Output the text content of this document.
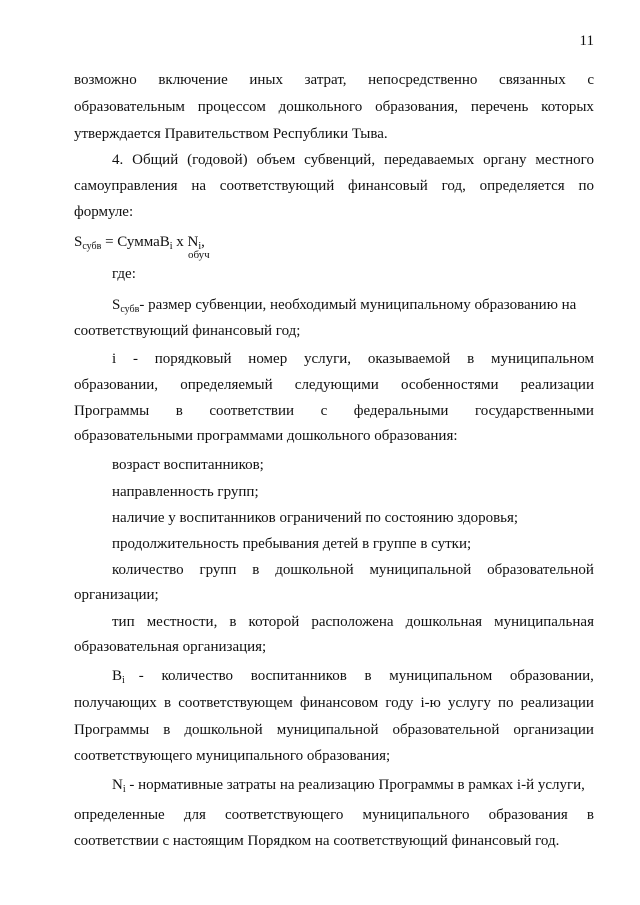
11
возможно включение иных затрат, непосредственно связанных с
образовательным процессом дошкольного образования, перечень которых
утверждается Правительством Республики Тыва.
4. Общий (годовой) объем субвенций, передаваемых органу местного
самоуправления на соответствующий финансовый год, определяется по
формуле:
$S_{субв}$ = СуммаB$_i$ x $N_i$,
обуч
где:
$S_{субв}-$ размер субвенции, необходимый муниципальному образованию на
соответствующий финансовый год;
i - порядковый номер услуги, оказываемой в муниципальном
образовании, определяемый следующими особенностями реализации
Программы в соответствии с федеральными государственными
образовательными программами дошкольного образования:
возраст воспитанников;
направленность групп;
наличие у воспитанников ограничений по состоянию здоровья;
продолжительность пребывания детей в группе в сутки;
количество групп в дошкольной муниципальной образовательной
организации;
тип местности, в которой расположена дошкольная муниципальная
образовательная организация;
$B_i$ - количество воспитанников в муниципальном образовании,
получающих в соответствующем финансовом году i-ю услугу по реализации
Программы в дошкольной муниципальной образовательной организации
соответствующего муниципального образования;
$N_i$ - нормативные затраты на реализацию Программы в рамках i-й услуги,
определенные для соответствующего муниципального образования в
соответствии с настоящим Порядком на соответствующий финансовый год.
